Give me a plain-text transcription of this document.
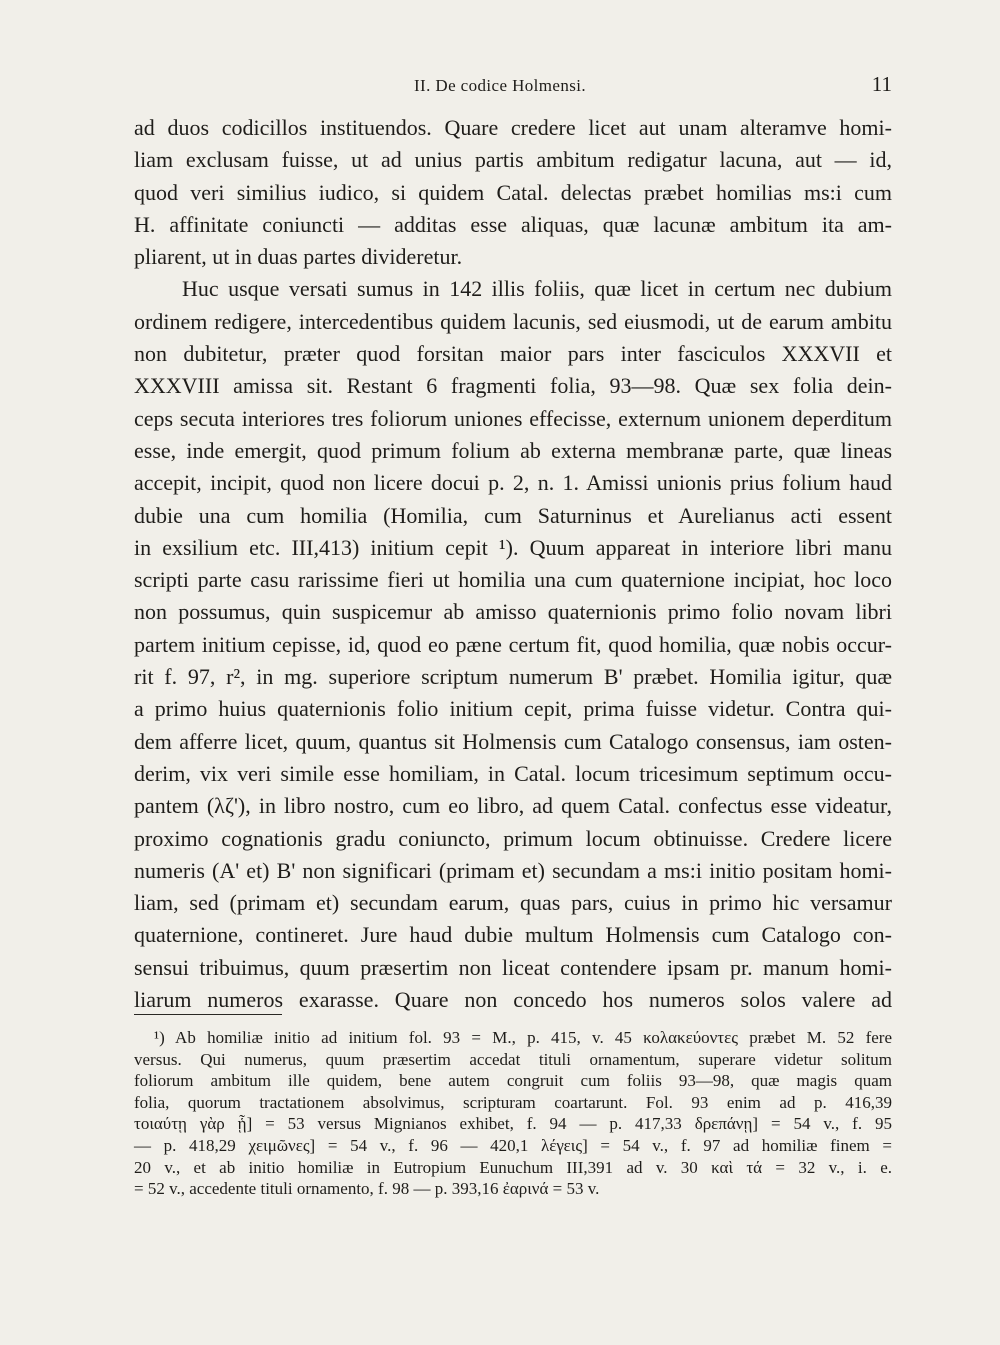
II. De codice Holmensi.	11
ad duos codicillos instituendos. Quare credere licet aut unam alteramve homi-
liam exclusam fuisse, ut ad unius partis ambitum redigatur lacuna, aut — id,
quod veri similius iudico, si quidem Catal. delectas præbet homilias ms:i cum
H. affinitate coniuncti — additas esse aliquas, quæ lacunæ ambitum ita am-
pliarent, ut in duas partes divideretur.
Huc usque versati sumus in 142 illis foliis, quæ licet in certum nec dubium
ordinem redigere, intercedentibus quidem lacunis, sed eiusmodi, ut de earum ambitu
non dubitetur, præter quod forsitan maior pars inter fasciculos XXXVII et
XXXVIII amissa sit. Restant 6 fragmenti folia, 93—98. Quæ sex folia dein-
ceps secuta interiores tres foliorum uniones effecisse, externum unionem deperditum
esse, inde emergit, quod primum folium ab externa membranæ parte, quæ lineas
accepit, incipit, quod non licere docui p. 2, n. 1. Amissi unionis prius folium haud
dubie una cum homilia (Homilia, cum Saturninus et Aurelianus acti essent
in exsilium etc. III,413) initium cepit ¹). Quum appareat in interiore libri manu
scripti parte casu rarissime fieri ut homilia una cum quaternione incipiat, hoc loco
non possumus, quin suspicemur ab amisso quaternionis primo folio novam libri
partem initium cepisse, id, quod eo pæne certum fit, quod homilia, quæ nobis occur-
rit f. 97, r², in mg. superiore scriptum numerum B' præbet. Homilia igitur, quæ
a primo huius quaternionis folio initium cepit, prima fuisse videtur. Contra qui-
dem afferre licet, quum, quantus sit Holmensis cum Catalogo consensus, iam osten-
derim, vix veri simile esse homiliam, in Catal. locum tricesimum septimum occu-
pantem (λζ'), in libro nostro, cum eo libro, ad quem Catal. confectus esse videatur,
proximo cognationis gradu coniuncto, primum locum obtinuisse. Credere licere
numeris (A' et) B' non significari (primam et) secundam a ms:i initio positam homi-
liam, sed (primam et) secundam earum, quas pars, cuius in primo hic versamur
quaternione, contineret. Jure haud dubie multum Holmensis cum Catalogo con-
sensui tribuimus, quum præsertim non liceat contendere ipsam pr. manum homi-
liarum numeros exarasse. Quare non concedo hos numeros solos valere ad
¹) Ab homiliæ initio ad initium fol. 93 = M., p. 415, v. 45 κολακεύοντες præbet M. 52 fere
versus. Qui numerus, quum præsertim accedat tituli ornamentum, superare videtur solitum
foliorum ambitum ille quidem, bene autem congruit cum foliis 93—98, quæ magis quam
folia, quorum tractationem absolvimus, scripturam coartarunt. Fol. 93 enim ad p. 416,39
τοιαύτῃ γὰρ ᾗ] = 53 versus Mignianos exhibet, f. 94 — p. 417,33 δρεπάνῃ] = 54 v., f. 95
— p. 418,29 χειμῶνες] = 54 v., f. 96 — 420,1 λέγεις] = 54 v., f. 97 ad homiliæ finem =
20 v., et ab initio homiliæ in Eutropium Eunuchum III,391 ad v. 30 καὶ τά = 32 v., i. e.
= 52 v., accedente tituli ornamento, f. 98 — p. 393,16 ἐαρινά = 53 v.
